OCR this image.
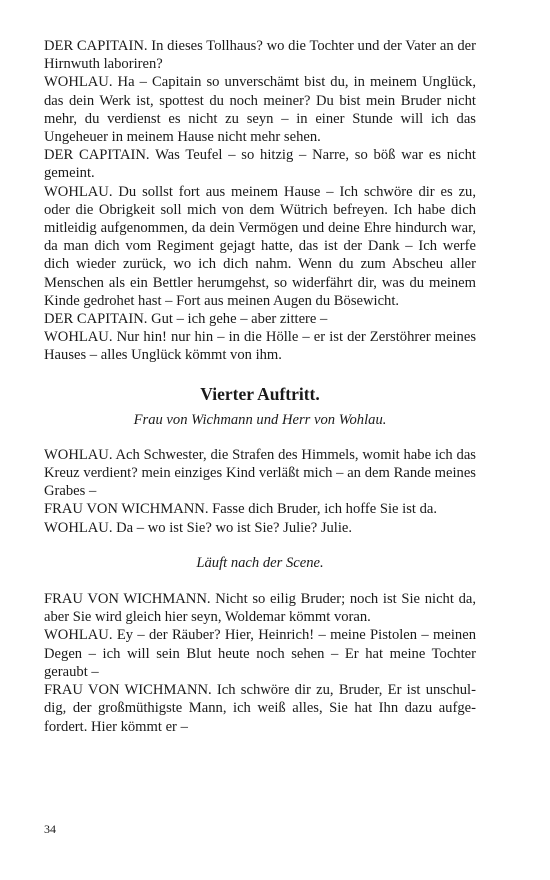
DER CAPITAIN. In dieses Tollhaus? wo die Tochter und der Vater an der Hirnwuth laboriren?

WOHLAU. Ha – Capitain so unverschämt bist du, in meinem Unglück, das dein Werk ist, spottest du noch meiner? Du bist mein Bruder nicht mehr, du verdienst es nicht zu seyn – in einer Stunde will ich das Ungeheuer in meinem Hause nicht mehr sehen.

DER CAPITAIN. Was Teufel – so hitzig – Narre, so böß war es nicht gemeint.

WOHLAU. Du sollst fort aus meinem Hause – Ich schwöre dir es zu, oder die Obrigkeit soll mich von dem Wütrich befreyen. Ich habe dich mitleidig aufgenommen, da dein Vermögen und deine Ehre hindurch war, da man dich vom Regiment gejagt hatte, das ist der Dank – Ich werfe dich wieder zurück, wo ich dich nahm. Wenn du zum Abscheu aller Menschen als ein Bettler herumgehst, so widerfährt dir, was du meinem Kinde gedrohet hast – Fort aus meinen Augen du Bösewicht.

DER CAPITAIN. Gut – ich gehe – aber zittere –

WOHLAU. Nur hin! nur hin – in die Hölle – er ist der Zerstöhrer meines Hauses – alles Unglück kömmt von ihm.

Vierter Auftritt.

Frau von Wichmann und Herr von Wohlau.

WOHLAU. Ach Schwester, die Strafen des Himmels, womit habe ich das Kreuz verdient? mein einziges Kind verläßt mich – an dem Rande meines Grabes –

FRAU VON WICHMANN. Fasse dich Bruder, ich hoffe Sie ist da.

WOHLAU. Da – wo ist Sie? wo ist Sie? Julie? Julie.

Läuft nach der Scene.

FRAU VON WICHMANN. Nicht so eilig Bruder; noch ist Sie nicht da, aber Sie wird gleich hier seyn, Woldemar kömmt voran.

WOHLAU. Ey – der Räuber? Hier, Heinrich! – meine Pistolen – meinen Degen – ich will sein Blut heute noch sehen – Er hat meine Tochter geraubt –

FRAU VON WICHMANN. Ich schwöre dir zu, Bruder, Er ist unschuldig, der großmüthigste Mann, ich weiß alles, Sie hat Ihn dazu aufgefordert. Hier kömmt er –

34
